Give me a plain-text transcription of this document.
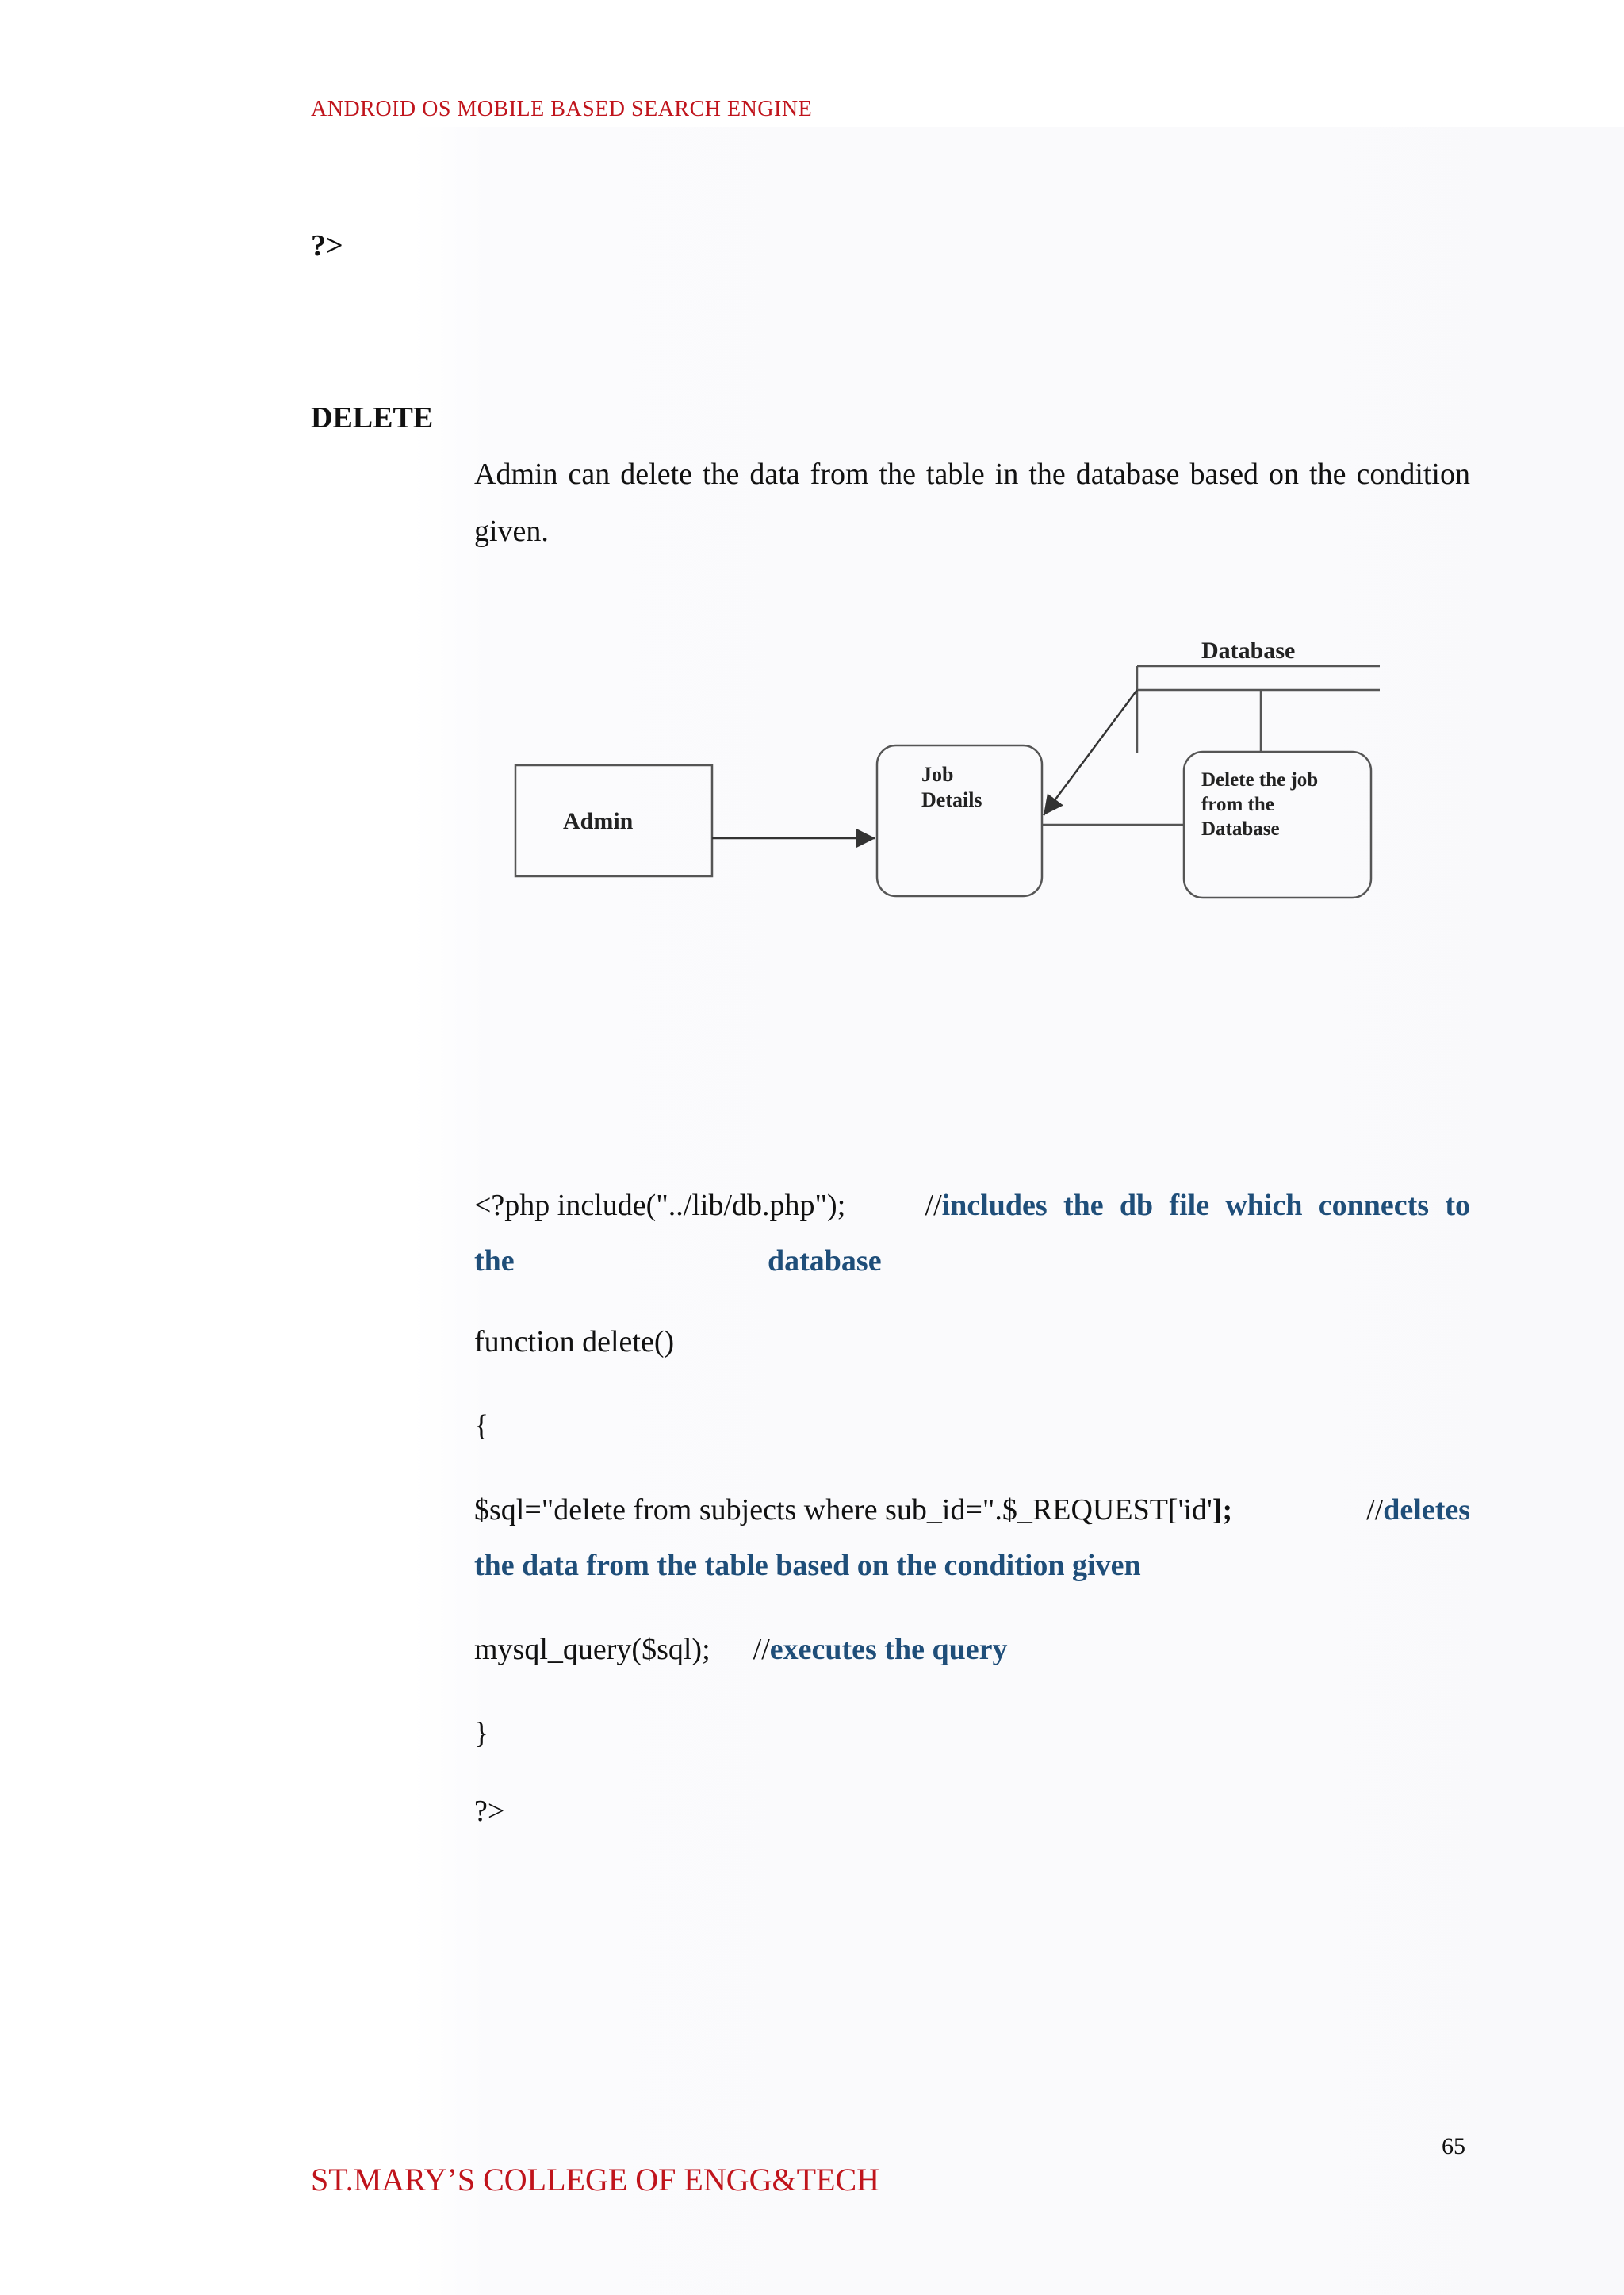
ANDROID OS MOBILE BASED SEARCH ENGINE
?>
DELETE
Admin can delete the data from the table in the database based on the condition given.
Admin
Job
Details
Database
Delete the job
from the
Database
<?php include("../lib/db.php");	//includes the db file which connects to
the	database
function delete()
{
$sql="delete from subjects where sub_id=".$_REQUEST['id'];	//deletes
the data from the table based on the condition given
mysql_query($sql); //executes the query
}
?>
65
ST.MARY’S COLLEGE OF ENGG&TECH
